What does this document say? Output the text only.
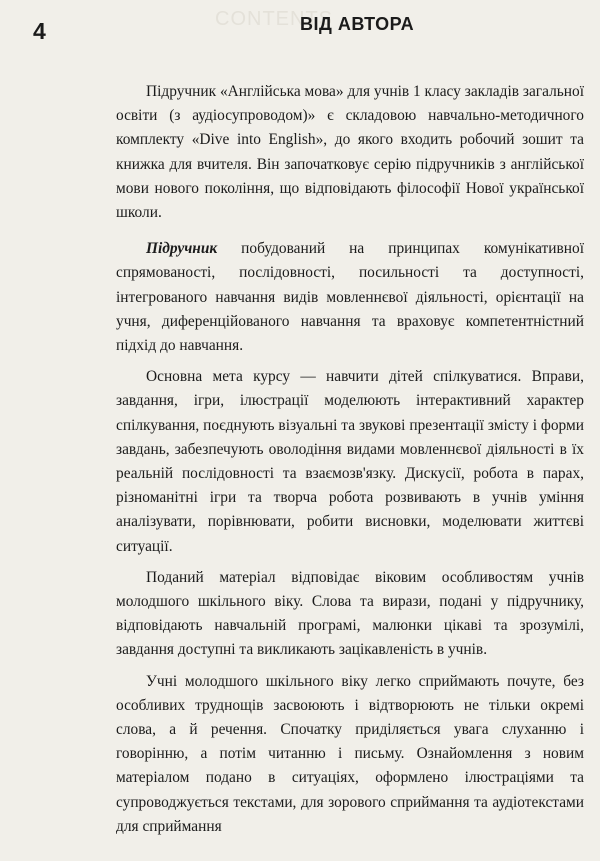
CONTENTS
4	ВІД АВТОРА

Підручник «Англійська мова» для учнів 1 класу закладів загальної освіти (з аудіосупроводом)» є складовою навчально-методичного комплекту «Dive into English», до якого входить робочий зошит та книжка для вчителя. Він започатковує серію підручників з англійської мови нового покоління, що відповідають філософії Нової української школи.

Підручник побудований на принципах комунікативної спрямованості, послідовності, посильності та доступності, інтегрованого навчання видів мовленнєвої діяльності, орієнтації на учня, диференційованого навчання та враховує компетентністний підхід до навчання.

Основна мета курсу — навчити дітей спілкуватися. Вправи, завдання, ігри, ілюстрації моделюють інтерактивний характер спілкування, поєднують візуальні та звукові презентації змісту і форми завдань, забезпечують оволодіння видами мовленнєвої діяльності в їх реальній послідовності та взаємозв'язку. Дискусії, робота в парах, різноманітні ігри та творча робота розвивають в учнів уміння аналізувати, порівнювати, робити висновки, моделювати життєві ситуації.

Поданий матеріал відповідає віковим особливостям учнів молодшого шкільного віку. Слова та вирази, подані у підручнику, відповідають навчальній програмі, малюнки цікаві та зрозумілі, завдання доступні та викликають зацікавленість в учнів.

Учні молодшого шкільного віку легко сприймають почуте, без особливих труднощів засвоюють і відтворюють не тільки окремі слова, а й речення. Спочатку приділяється увага слуханню і говорінню, а потім читанню і письму. Ознайомлення з новим матеріалом подано в ситуаціях, оформлено ілюстраціями та супроводжується текстами, для зорового сприймання та аудіотекстами для сприймання
